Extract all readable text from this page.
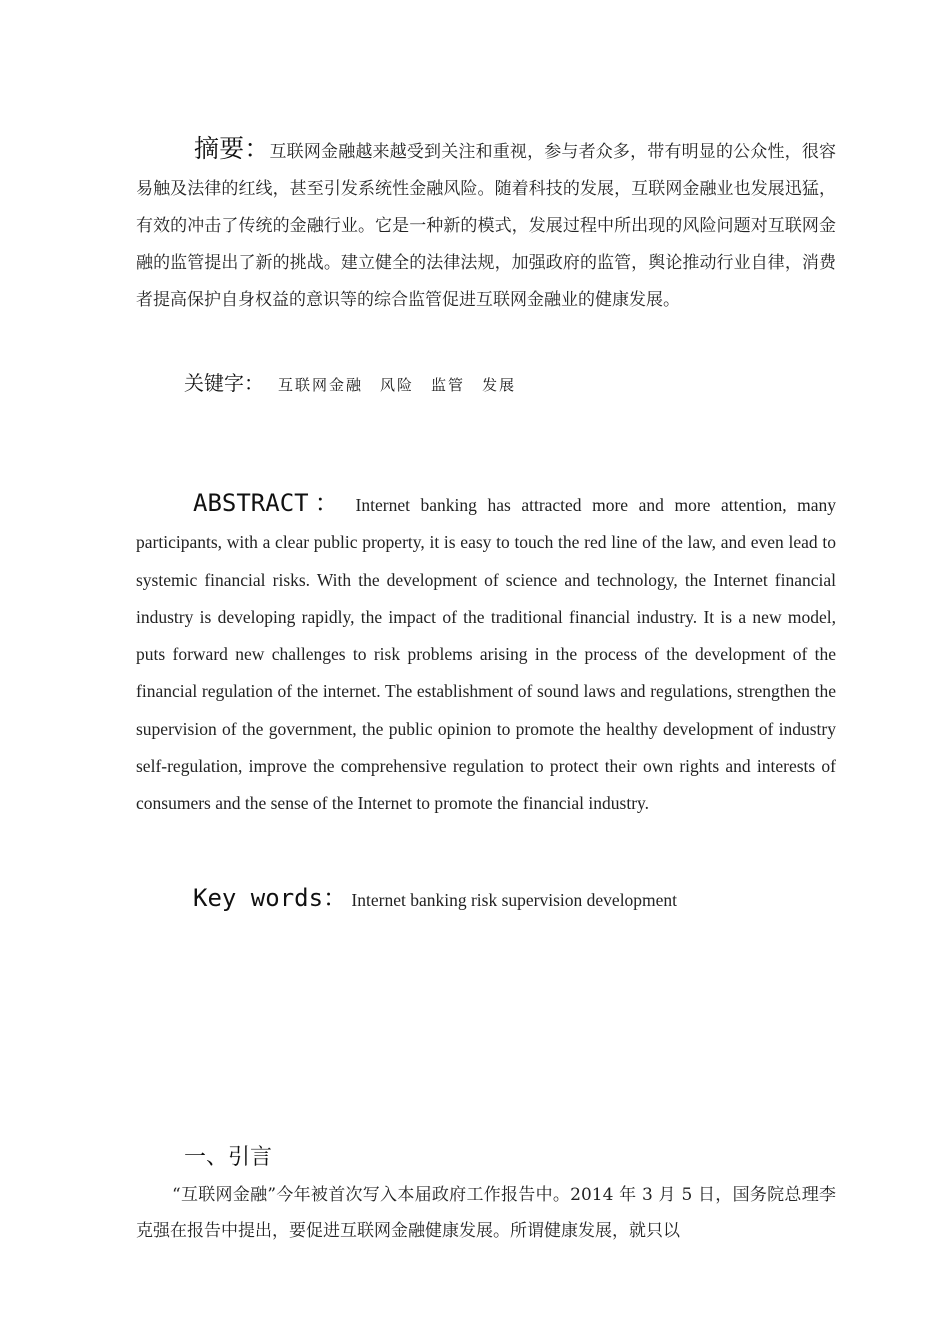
摘要：互联网金融越来越受到关注和重视，参与者众多，带有明显的公众性，很容易触及法律的红线，甚至引发系统性金融风险。随着科技的发展，互联网金融业也发展迅猛，有效的冲击了传统的金融行业。它是一种新的模式，发展过程中所出现的风险问题对互联网金融的监管提出了新的挑战。建立健全的法律法规，加强政府的监管，舆论推动行业自律，消费者提高保护自身权益的意识等的综合监管促进互联网金融业的健康发展。
关键字： 互联网金融 风险 监管 发展
ABSTRACT： Internet banking has attracted more and more attention, many participants, with a clear public property, it is easy to touch the red line of the law, and even lead to systemic financial risks. With the development of science and technology, the Internet financial industry is developing rapidly, the impact of the traditional financial industry. It is a new model, puts forward new challenges to risk problems arising in the process of the development of the financial regulation of the internet. The establishment of sound laws and regulations, strengthen the supervision of the government, the public opinion to promote the healthy development of industry self-regulation, improve the comprehensive regulation to protect their own rights and interests of consumers and the sense of the Internet to promote the financial industry.
Key words： Internet banking risk supervision development
一、引言
“互联网金融”今年被首次写入本届政府工作报告中。2014 年 3 月 5 日，国务院总理李克强在报告中提出，要促进互联网金融健康发展。所谓健康发展，就只以
